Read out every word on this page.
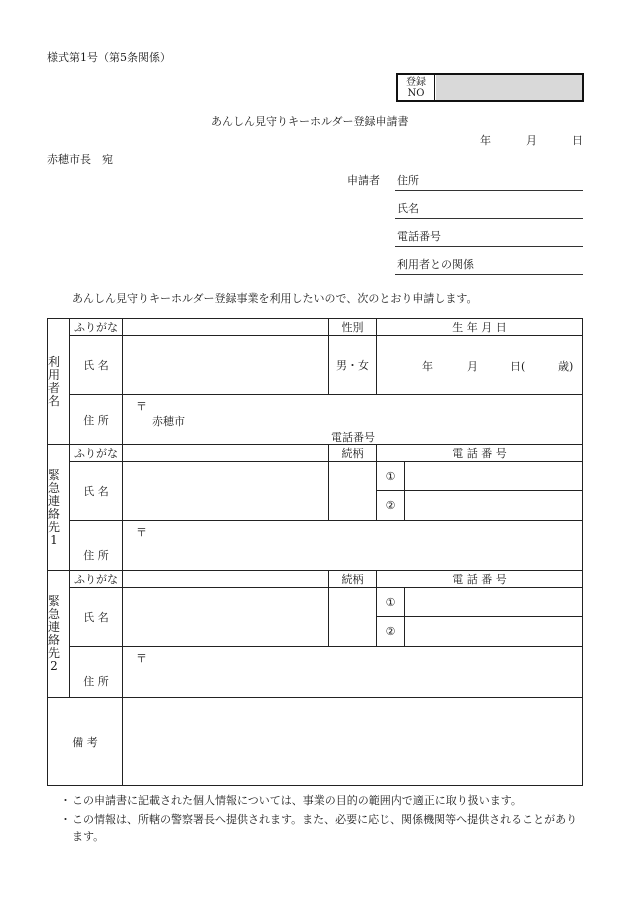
様式第1号（第5条関係）
登録
NO
あんしん見守りキーホルダー登録申請書
年	月	日
赤穂市長　宛
申請者 住所
氏名
電話番号
利用者との関係
あんしん見守りキーホルダー登録事業を利用したいので、次のとおり申請します。
利用者名	ふりがな		性別	生 年 月 日	
	氏 名		男・女	年 月 日( 歳)	

	住 所	〒
赤穂市
電話番号			

緊急連絡先1	ふりがな		続柄	電 話 番 号	
	氏 名			①	
				②	

	住 所	〒			

緊急連絡先2	ふりがな		続柄	電 話 番 号	
	氏 名			①	
				②	

	住 所	〒			

備 考					
・ この申請書に記載された個人情報については、事業の目的の範囲内で適正に取り扱います。
・ この情報は、所轄の警察署長へ提供されます。また、必要に応じ、関係機関等へ提供されることがあります。
